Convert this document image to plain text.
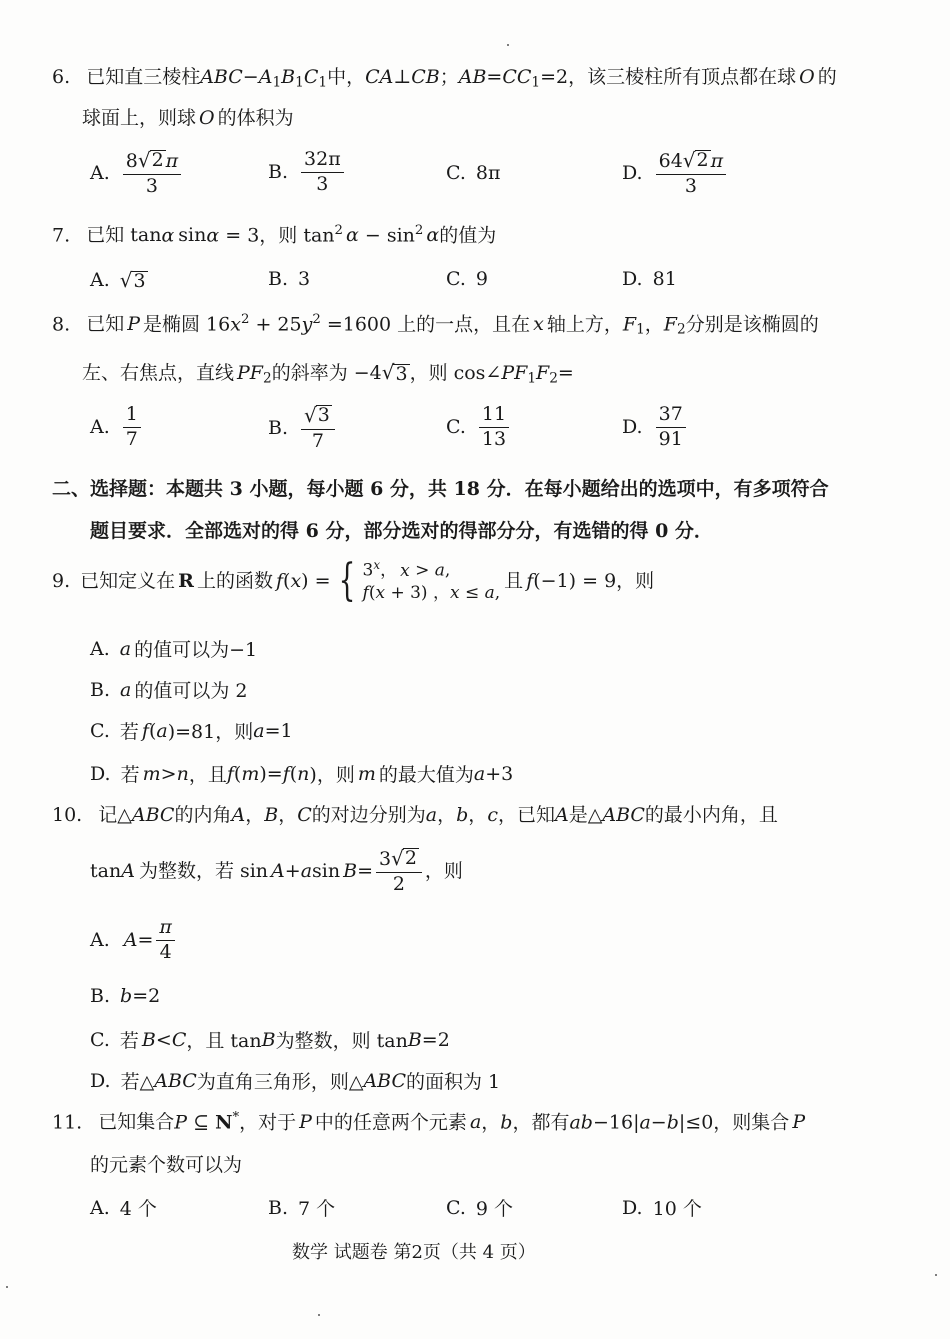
6. 已知直三棱柱$ABC-A_1B_1C_1$中，CA⊥CB；$AB=CC_1=2$，该三棱柱所有顶点都在球 O 的
球面上，则球 O 的体积为
A. $\frac{8 √ 2 \pi}{3}$	B. $\frac{32\pi}{3}$	C. 8π	D. $\frac{64 √ 2 \pi}{3}$
7. 已知 tanα sinα = 3，则 $\tan^2 \alpha - \sin^2 \alpha$的值为
A. √ 3	B. 3	C. 9	D. 81
8. 已知 P 是椭圆 $16x^2 + 25y^2 =1600$ 上的一点，且在 x 轴上方，$F_1$，$F_2$分别是该椭圆的
左、右焦点，直线 $PF_2$的斜率为 −4 √ 3 ，则 $\cos\angle PF_1F_2=$
A. $\frac{1}{7}$	B. $\frac{√ 3}{7}$	C. $\frac{11}{13}$	D. $\frac{37}{91}$
二、选择题：本题共 3 小题，每小题 6 分，共 18 分．在每小题给出的选项中，有多项符合
题目要求．全部选对的得 6 分，部分选对的得部分分，有选错的得 0 分．
9. 已知定义在 R 上的函数 f ( x ) = { 3$^x$， x > a,
f(x + 3) ，x ≤ a,
且 f (−1) = 9，则
A. a 的值可以为−1
B. a 的值可以为 2
C. 若 f ( a )=81，则 a =1
D. 若 m > n ，且 f ( m )= f ( n )，则 m 的最大值为 a +3
10. 记△ABC的内角A，B，C的对边分别为a，b，c，已知A是△ABC的最小内角，且
tan A 为整数，若 sin A + a $\sin B = \frac{3 √ 2}{2}$ ，则
A. $A = \frac{\pi}{4}$
B. b =2
C. 若 B < C ，且 tan B 为整数，则 tan B =2
D. 若△ ABC 为直角三角形，则△ ABC 的面积为 1
11. 已知集合P ⊆ N*，对于 P 中的任意两个元素 a，b，都有ab−16|a−b|≤0，则集合 P
的元素个数可以为
A. 4 个	B. 7 个	C. 9 个	D. 10 个
数学 试题卷 第2页（共 4 页）
